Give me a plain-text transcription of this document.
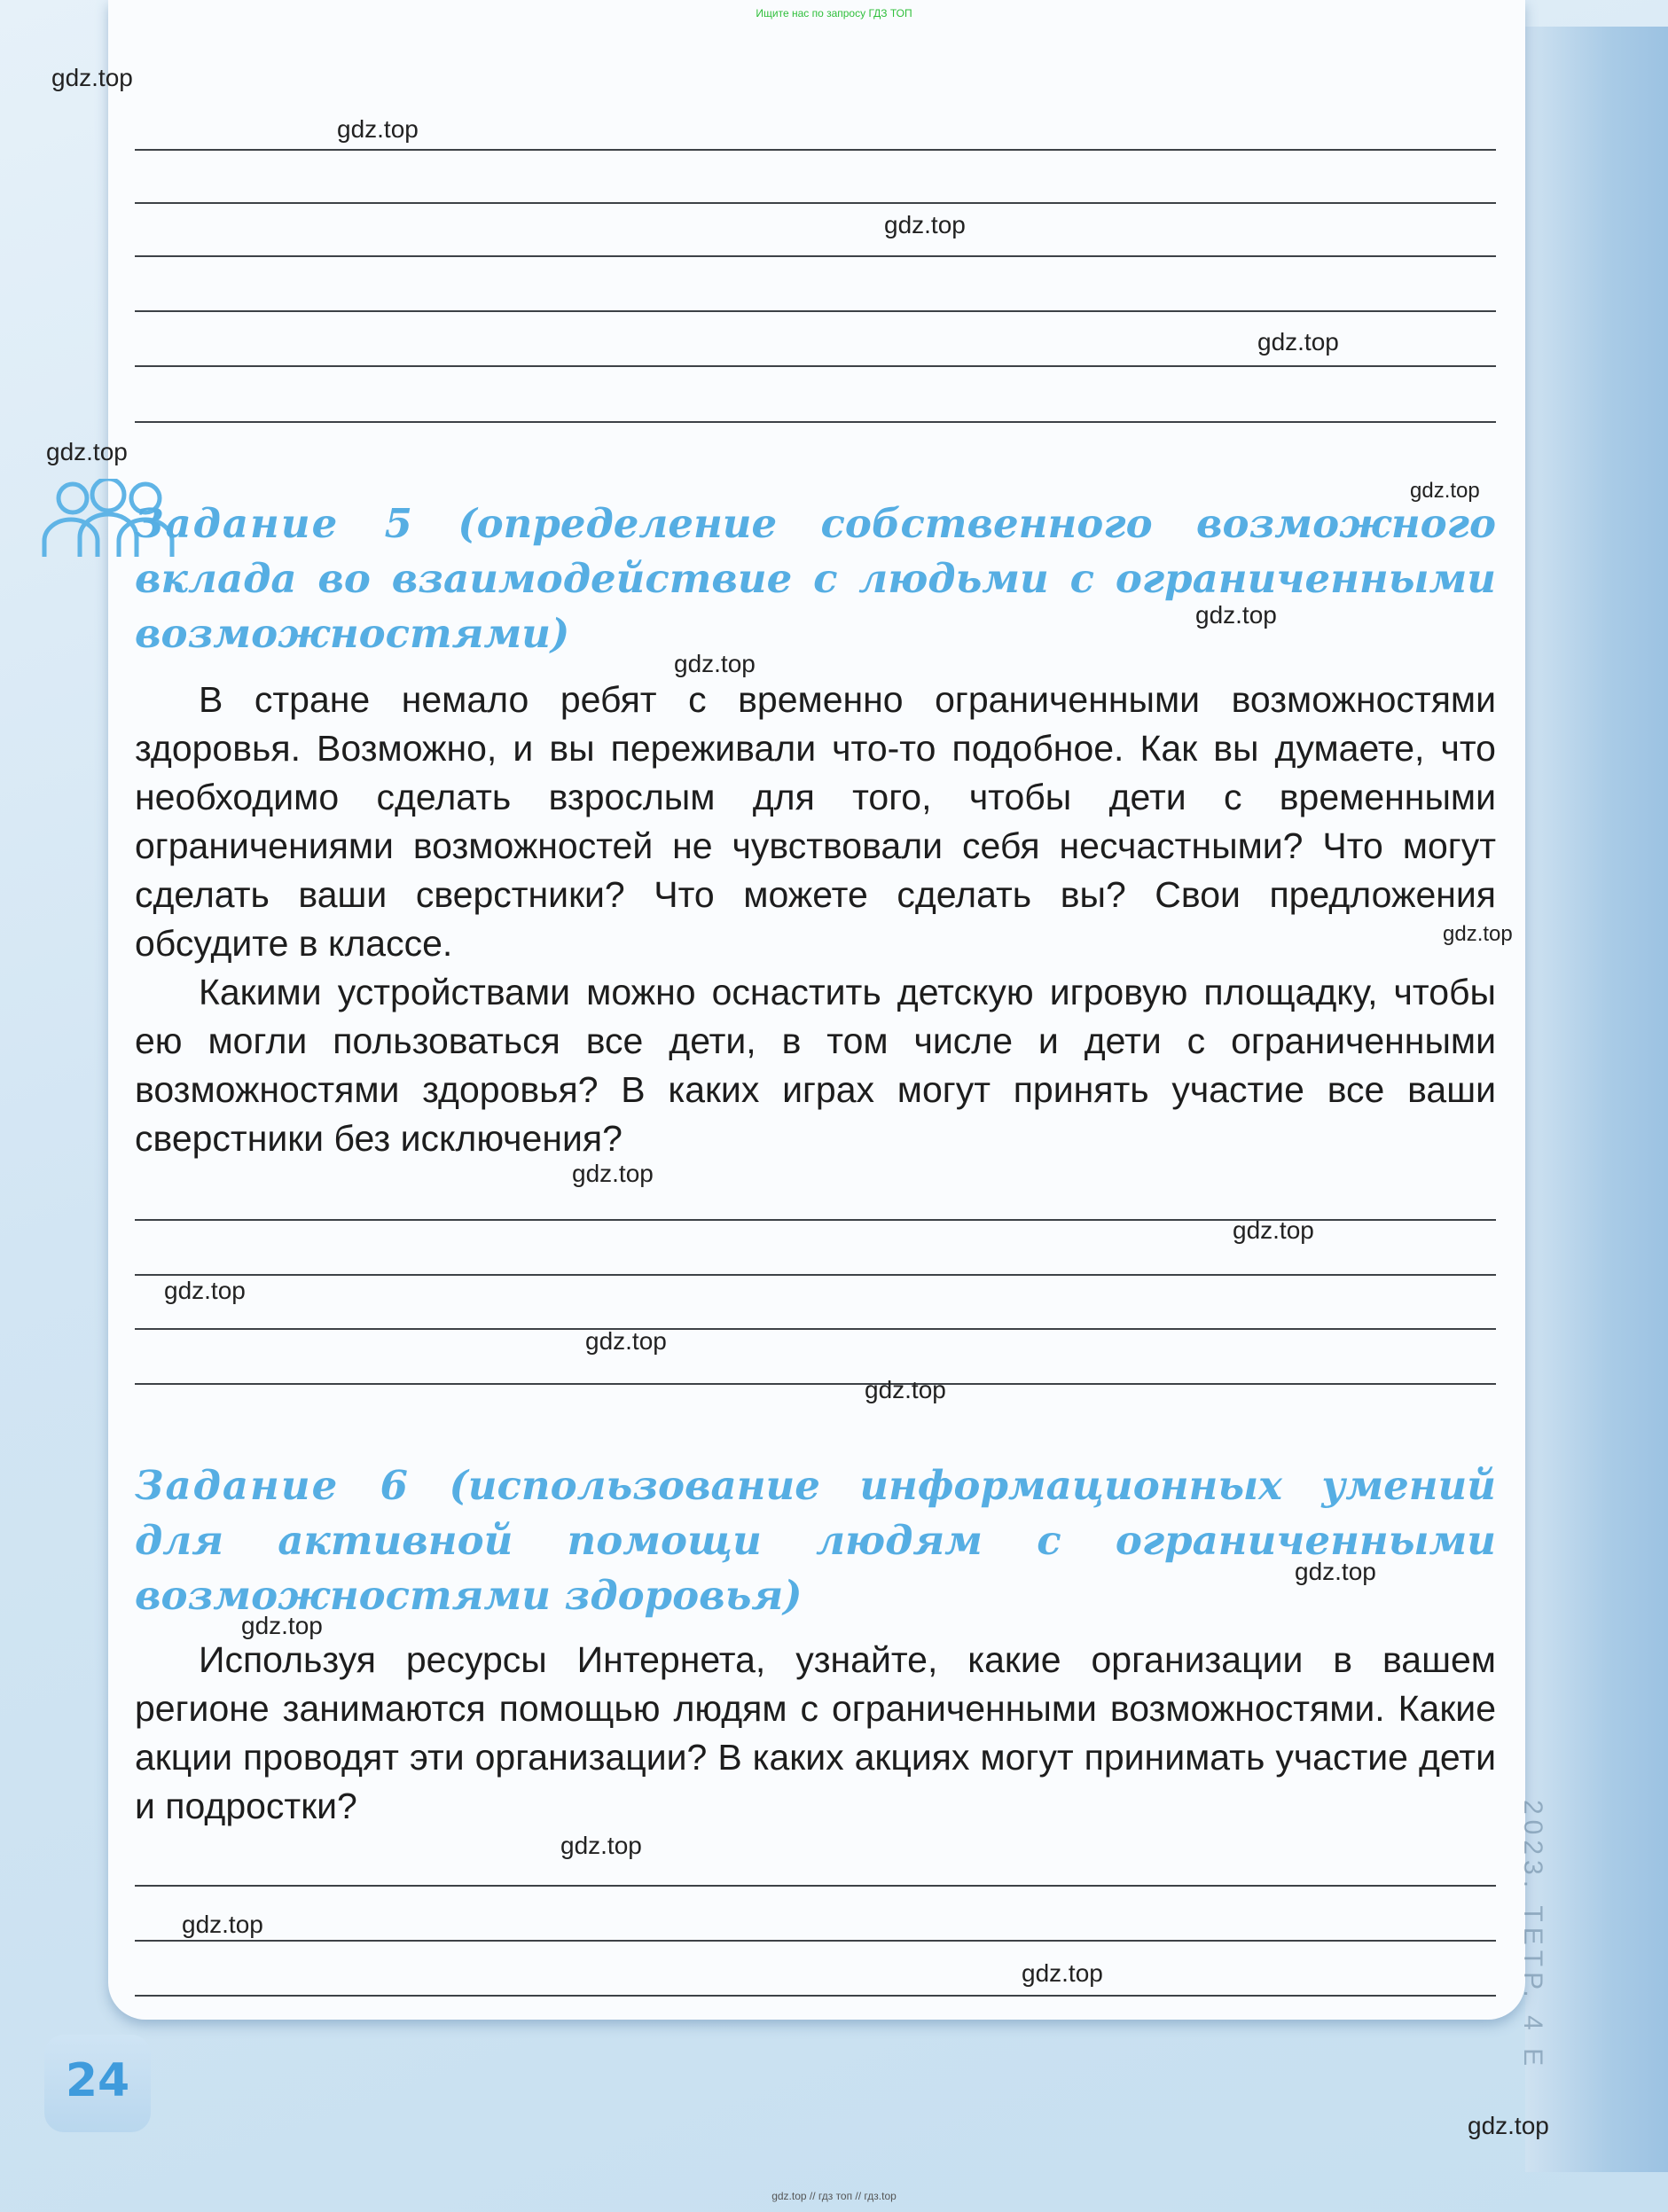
Ищите нас по запросу ГДЗ ТОП
2023. ТЕТР. 4 Е
Задание 5 (определение собственного возможного вклада во взаимодействие с людьми с ограниченными возможностями)

В стране немало ребят с временно ограниченными возможностями здоровья. Возможно, и вы переживали что-то подобное. Как вы думаете, что необходимо сделать взрослым для того, чтобы дети с временными ограничениями возможностей не чувствовали себя несчастными? Что могут сделать ваши сверстники? Что можете сделать вы? Свои предложения обсудите в классе.

Какими устройствами можно оснастить детскую игровую площадку, чтобы ею могли пользоваться все дети, в том числе и дети с ограниченными возможностями здоровья? В каких играх могут принять участие все ваши сверстники без исключения?

Задание 6 (использование информационных умений для активной помощи людям с ограниченными возможностями здоровья)

Используя ресурсы Интернета, узнайте, какие организации в вашем регионе занимаются помощью людям с ограниченными возможностями. Какие акции проводят эти организации? В каких акциях могут принимать участие дети и подростки?

24
gdz.top
gdz.top
gdz.top
gdz.top
gdz.top
gdz.top
gdz.top
gdz.top
gdz.top
gdz.top
gdz.top
gdz.top
gdz.top
gdz.top
gdz.top
gdz.top
gdz.top
gdz.top
gdz.top
gdz.top
gdz.top // гдз топ // гдз.top
